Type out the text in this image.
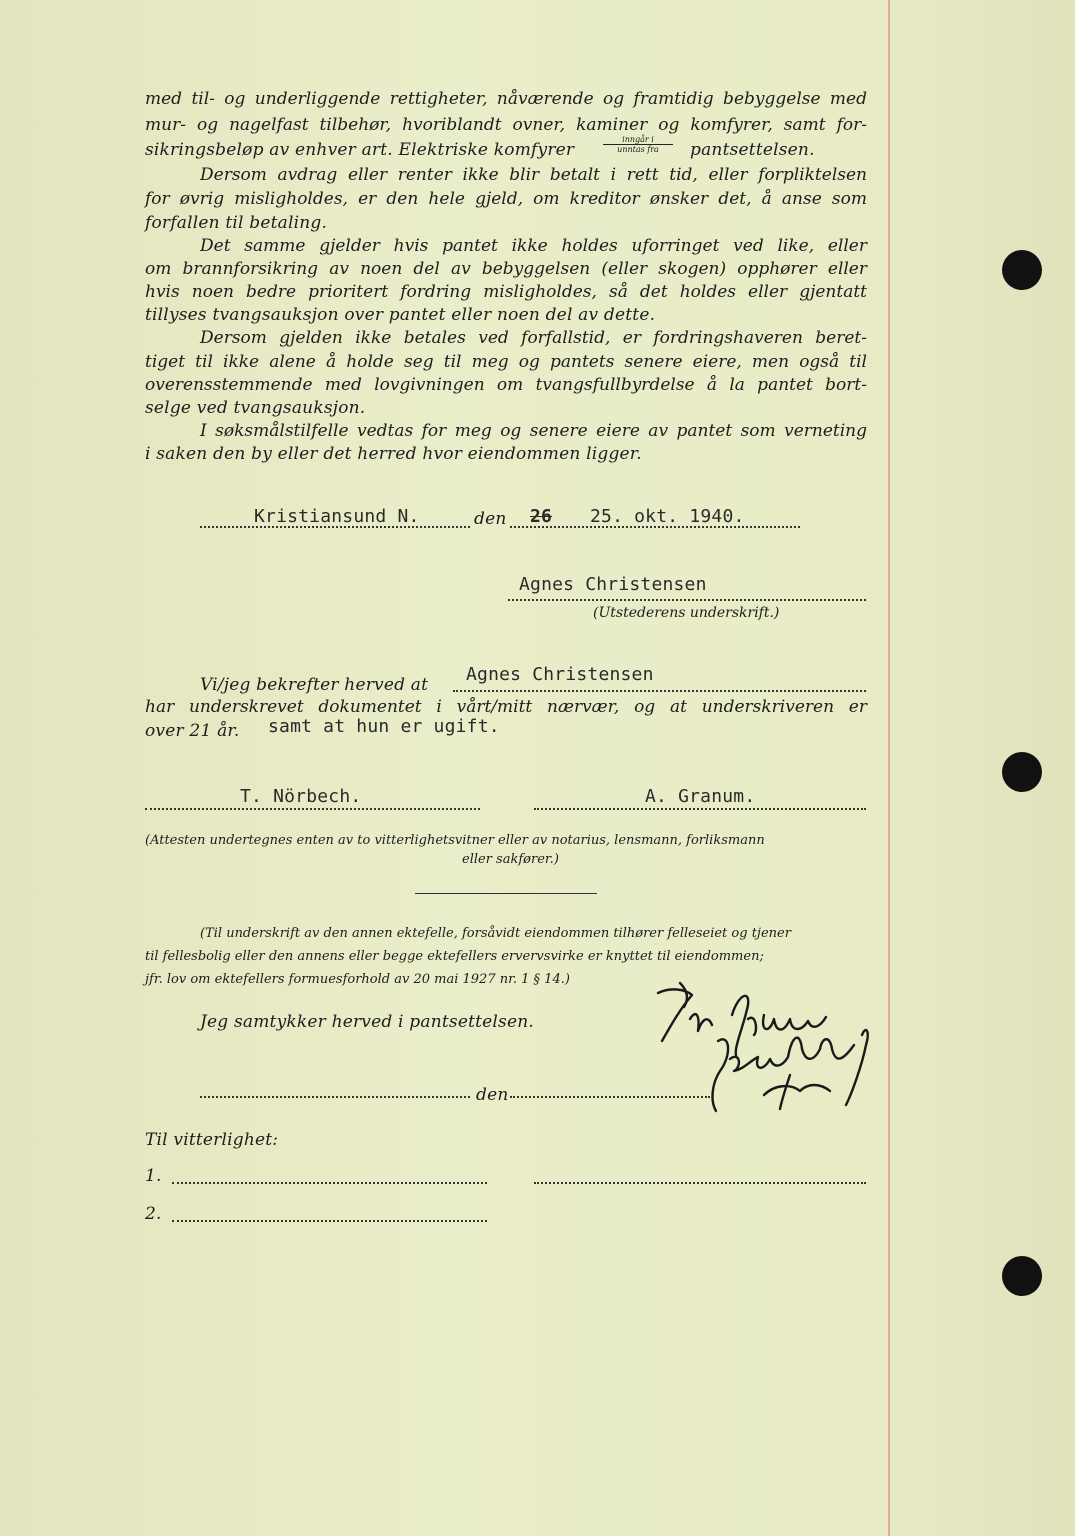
med til- og underliggende rettigheter, nåværende og framtidig bebyggelse med
mur- og nagelfast tilbehør, hvoriblandt ovner, kaminer og komfyrer, samt for-
sikringsbeløp av enhver art. Elektriske komfyrer
inngår i
unntas fra	pantsettelsen.
Dersom avdrag eller renter ikke blir betalt i rett tid, eller forpliktelsen
for øvrig misligholdes, er den hele gjeld, om kreditor ønsker det, å anse som
forfallen til betaling.
Det samme gjelder hvis pantet ikke holdes uforringet ved like, eller
om brannforsikring av noen del av bebyggelsen (eller skogen) opphører eller
hvis noen bedre prioritert fordring misligholdes, så det holdes eller gjentatt
tillyses tvangsauksjon over pantet eller noen del av dette.
Dersom gjelden ikke betales ved forfallstid, er fordringshaveren beret-
tiget til ikke alene å holde seg til meg og pantets senere eiere, men også til
overensstemmende med lovgivningen om tvangsfullbyrdelse å la pantet bort-
selge ved tvangsauksjon.
I søksmålstilfelle vedtas for meg og senere eiere av pantet som verneting
i saken den by eller det herred hvor eiendommen ligger.
Kristiansund N.	den 26 25. okt. 1940.
Agnes Christensen
(Utstederens underskrift.)
Vi/jeg bekrefter herved at Agnes Christensen
har underskrevet dokumentet i vårt/mitt nærvær, og at underskriveren er
over 21 år. samt at hun er ugift.
T. Nörbech.	A. Granum.
(Attesten undertegnes enten av to vitterlighetsvitner eller av notarius, lensmann, forliksmann
eller sakfører.)
(Til underskrift av den annen ektefelle, forsåvidt eiendommen tilhører felleseiet og tjener
til fellesbolig eller den annens eller begge ektefellers ervervsvirke er knyttet til eiendommen;
jfr. lov om ektefellers formuesforhold av 20 mai 1927 nr. 1 § 14.)
Jeg samtykker herved i pantsettelsen.
den
Til vitterlighet:
1.
2.
